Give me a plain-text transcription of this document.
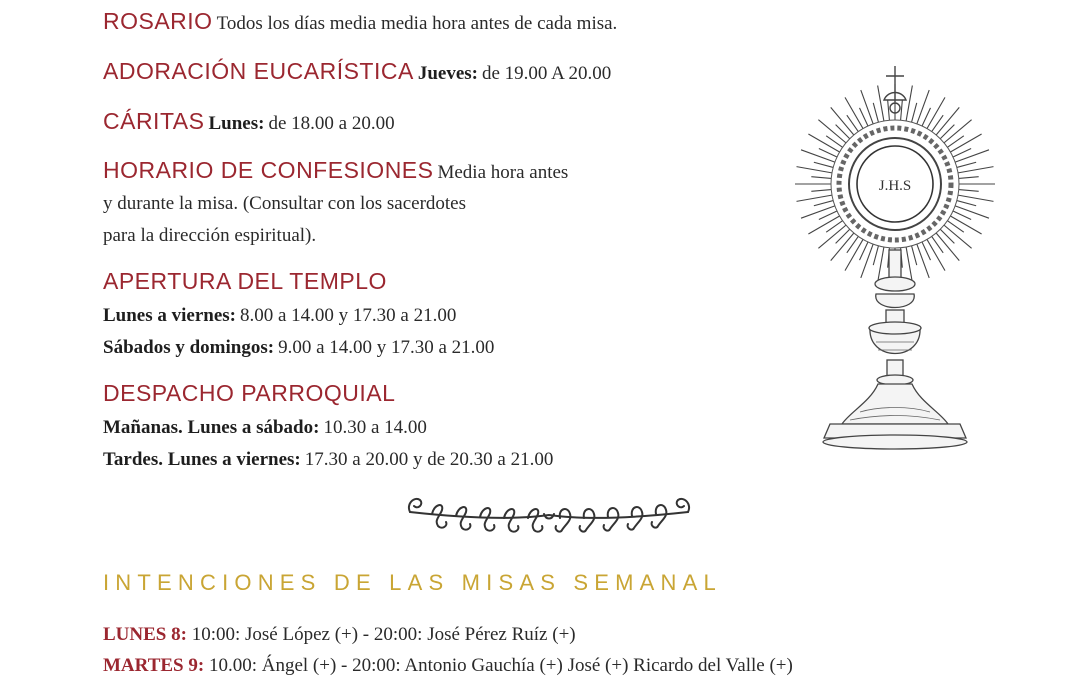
ROSARIO Todos los días media media hora antes de cada misa.
ADORACIÓN EUCARÍSTICA Jueves: de 19.00 A 20.00
CÁRITAS Lunes: de 18.00 a 20.00
HORARIO DE CONFESIONES Media hora antes
y durante la misa. (Consultar con los sacerdotes
para la dirección espiritual).
APERTURA DEL TEMPLO
Lunes a viernes: 8.00 a 14.00 y 17.30 a 21.00
Sábados y domingos: 9.00 a 14.00 y 17.30 a 21.00
DESPACHO PARROQUIAL
Mañanas. Lunes a sábado: 10.30 a 14.00
Tardes. Lunes a viernes: 17.30 a 20.00 y de 20.30 a 21.00
INTENCIONES DE LAS MISAS SEMANAL
LUNES 8: 10:00: José López (+) - 20:00: José Pérez Ruíz (+)
MARTES 9: 10.00: Ángel (+) - 20:00: Antonio Gauchía (+) José (+) Ricardo del Valle (+)
J.H.S
